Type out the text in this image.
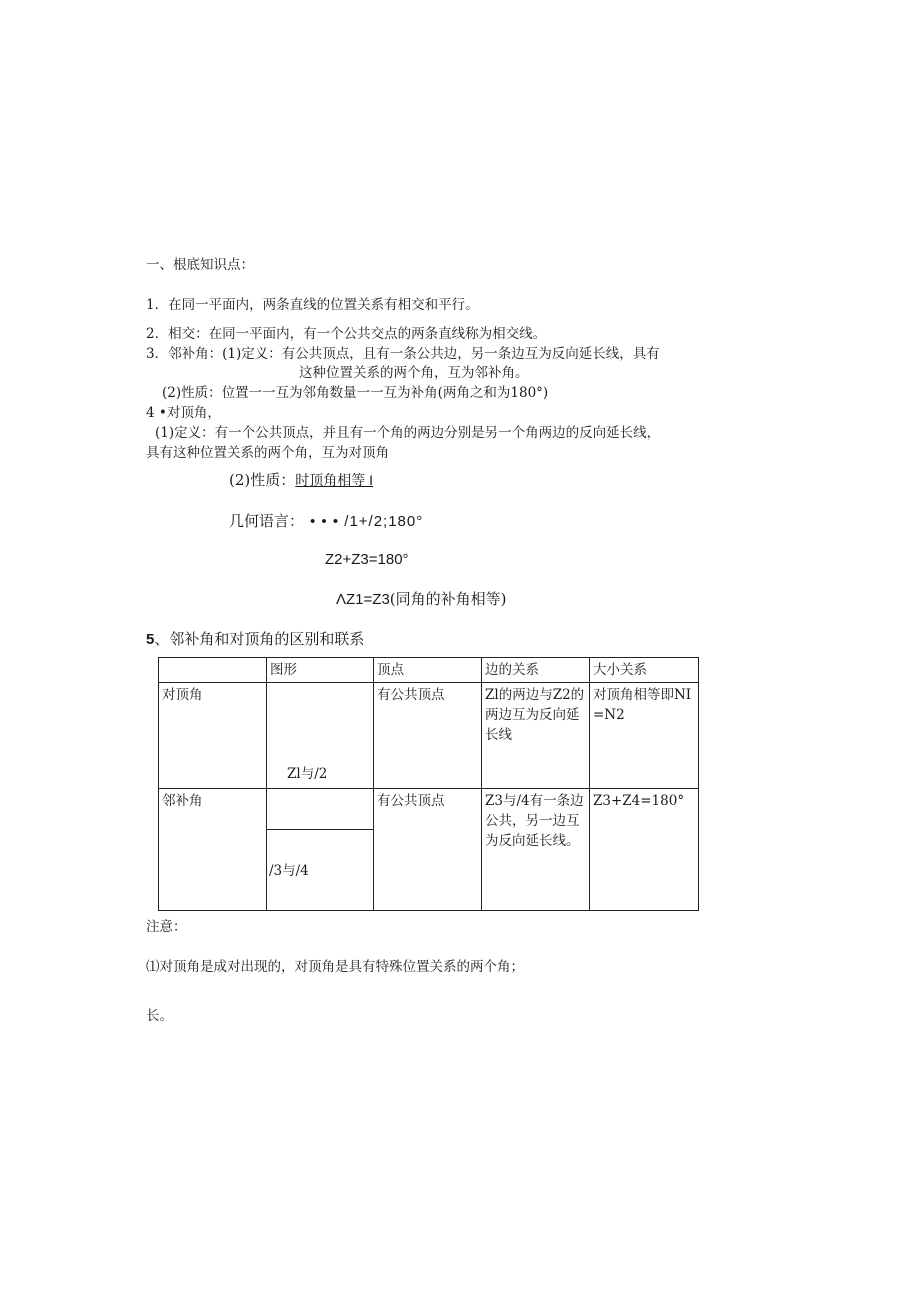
一、根底知识点：
1．在同一平面内，两条直线的位置关系有相交和平行。
2．相交：在同一平面内，有一个公共交点的两条直线称为相交线。
3．邻补角：(1)定义：有公共顶点，且有一条公共边，另一条边互为反向延长线，具有
这种位置关系的两个角，互为邻补角。
(2)性质：位置一一互为邻角数量一一互为补角(两角之和为180°)
4 •对顶角，
(1)定义：有一个公共顶点，并且有一个角的两边分别是另一个角两边的反向延长线，
具有这种位置关系的两个角，互为对顶角
(2)性质：时顶角相等 I
几何语言： • • • /1+/2;180°
Z2+Z3=180°
ΛZ1=Z3(同角的补角相等)
5、邻补角和对顶角的区别和联系
	图形	顶点	边的关系	大小关系
对顶角	Zl与/2	有公共顶点	Zl的两边与Z2的两边互为反向延长线	对顶角相等即NI=N2
邻补角	/3与/4	有公共顶点	Z3与/4有一条边公共，另一边互为反向延长线。	Z3+Z4=180°
注意：
⑴对顶角是成对出现的，对顶角是具有特殊位置关系的两个角；
长。
